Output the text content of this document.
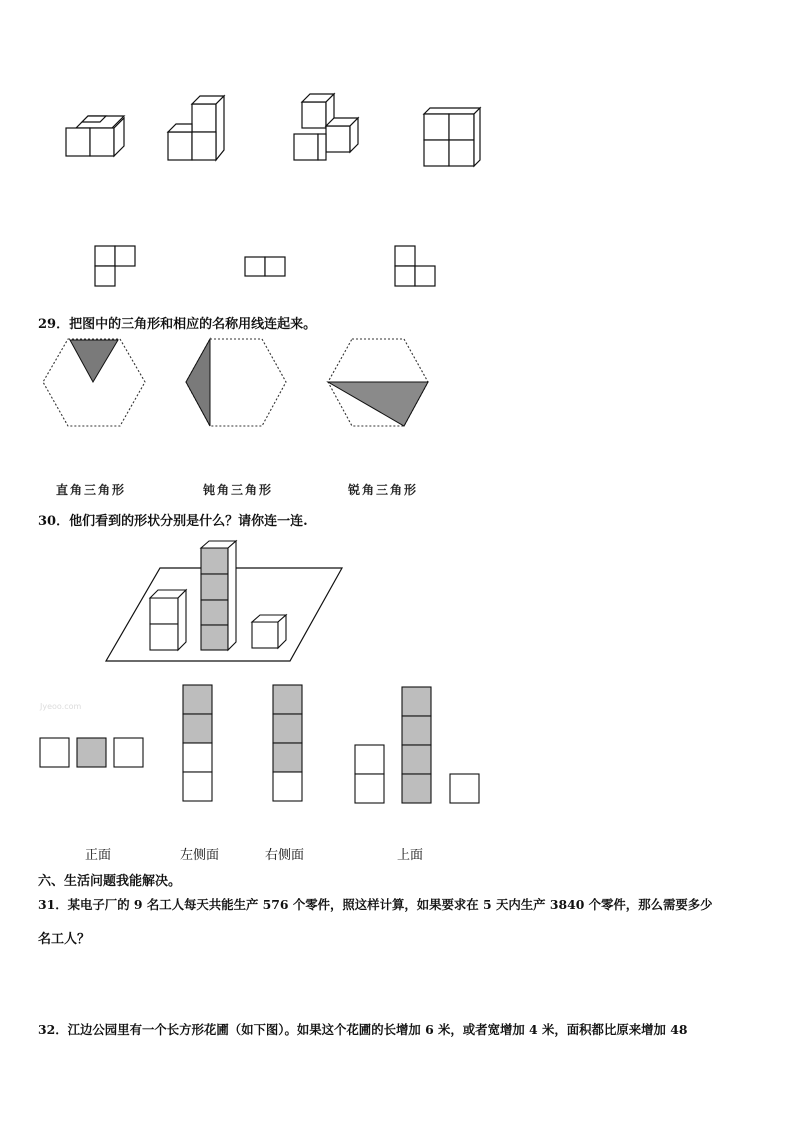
29．把图中的三角形和相应的名称用线连起来。
直角三角形	钝角三角形	锐角三角形
30．他们看到的形状分别是什么？请你连一连.
Jyeoo.com
正面	左侧面	右侧面	上面
六、生活问题我能解决。
31．某电子厂的 9 名工人每天共能生产 576 个零件，照这样计算，如果要求在 5 天内生产 3840 个零件，那么需要多少
名工人？
32．江边公园里有一个长方形花圃（如下图）。如果这个花圃的长增加 6 米，或者宽增加 4 米，面积都比原来增加 48
